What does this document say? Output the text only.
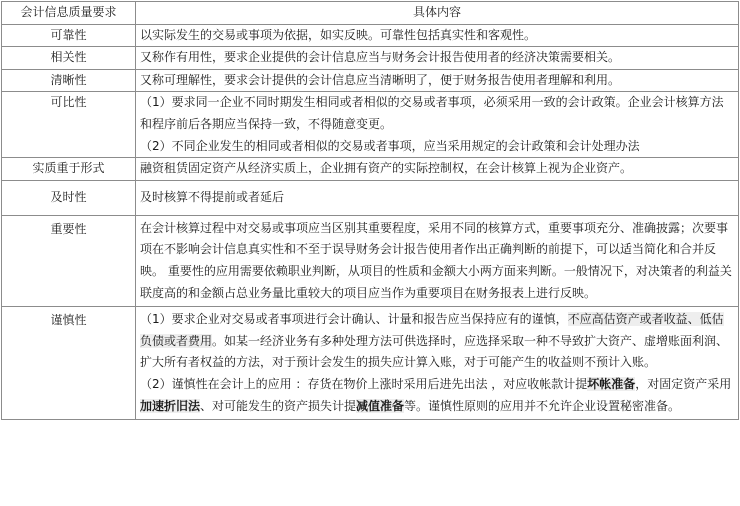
会计信息质量要求	具体内容
可靠性	以实际发生的交易或事项为依据，如实反映。可靠性包括真实性和客观性。
相关性	又称作有用性，要求企业提供的会计信息应当与财务会计报告使用者的经济决策需要相关。
清晰性	又称可理解性，要求会计提供的会计信息应当清晰明了，便于财务报告使用者理解和利用。
可比性	（1）要求同一企业不同时期发生相同或者相似的交易或者事项，必须采用一致的会计政策。企业会计核算方法和程序前后各期应当保持一致，不得随意变更。
（2）不同企业发生的相同或者相似的交易或者事项，应当采用规定的会计政策和会计处理办法

实质重于形式	融资租赁固定资产从经济实质上，企业拥有资产的实际控制权，在会计核算上视为企业资产。
及时性	及时核算不得提前或者延后
重要性	在会计核算过程中对交易或事项应当区别其重要程度，采用不同的核算方式，重要事项充分、准确披露；次要事项在不影响会计信息真实性和不至于误导财务会计报告使用者作出正确判断的前提下，可以适当简化和合并反映。 重要性的应用需要依赖职业判断，从项目的性质和金额大小两方面来判断。一般情况下，对决策者的利益关联度高的和金额占总业务量比重较大的项目应当作为重要项目在财务报表上进行反映。
谨慎性	（1）要求企业对交易或者事项进行会计确认、计量和报告应当保持应有的谨慎，不应高估资产或者收益、低估负债或者费用。如某一经济业务有多种处理方法可供选择时，应选择采取一种不导致扩大资产、虚增账面利润、扩大所有者权益的方法，对于预计会发生的损失应计算入账，对于可能产生的收益则不预计入账。
（2）谨慎性在会计上的应用 ：存货在物价上涨时采用后进先出法 ，对应收帐款计提坏帐准备，对固定资产采用加速折旧法、对可能发生的资产损失计提减值准备等。谨慎性原则的应用并不允许企业设置秘密准备。
